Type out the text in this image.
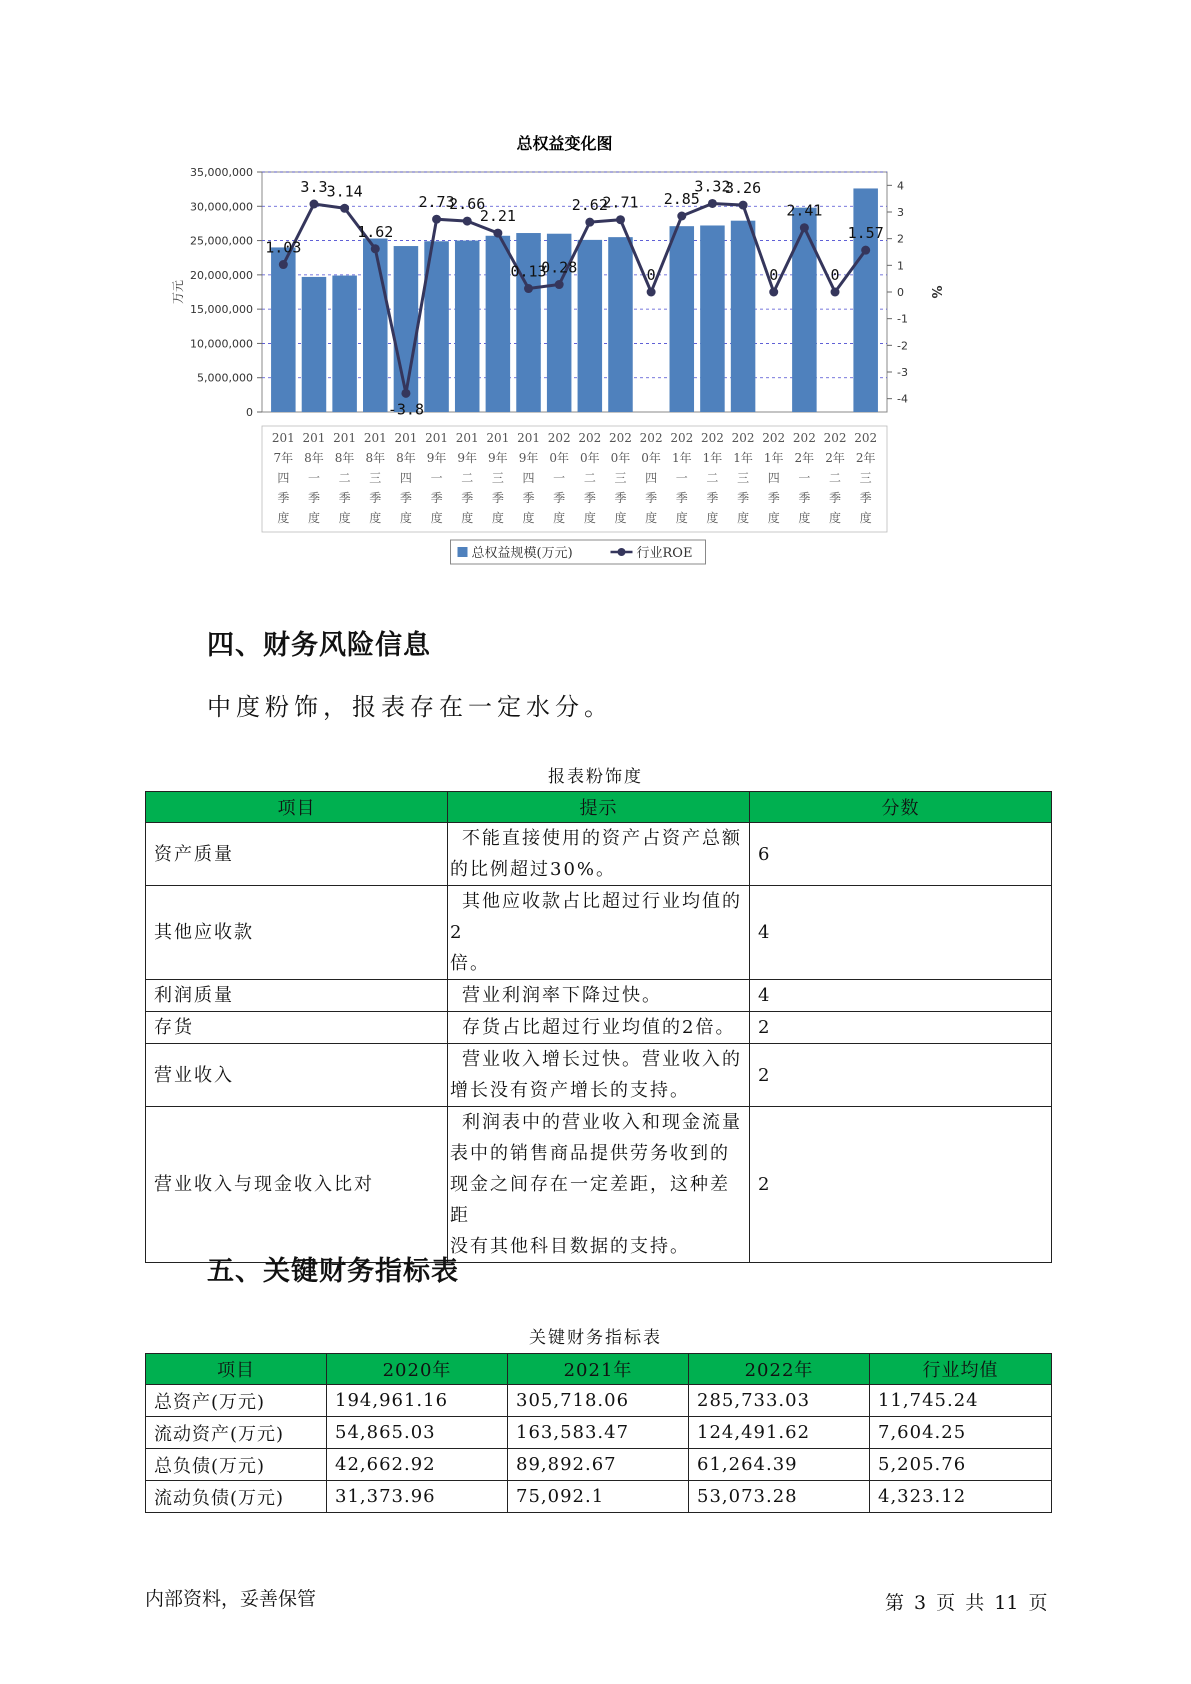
总权益变化图
0
5,000,000
10,000,000
15,000,000
20,000,000
25,000,000
30,000,000
35,000,000
万元
-4
-3
-2
-1
0
1
2
3
4
%
1.03
3.3 3.14
1.62
-3.8
2.73
2.66
2.21
0.13
0.28
2.62
2.71
0
2.85
3.32
3.26
0
2.41
0
1.57
201
7年
四
季
度
201
8年
一
季
度
201
8年
二
季
度
201
8年
三
季
度
201
8年
四
季
度
201
9年
一
季
度
201
9年
二
季
度
201
9年
三
季
度
201
9年
四
季
度
202
0年
一
季
度
202
0年
二
季
度
202
0年
三
季
度
202
0年
四
季
度
202
1年
一
季
度
202
1年
二
季
度
202
1年
三
季
度
202
1年
四
季
度
202
2年
一
季
度
202
2年
二
季
度
202
2年
三
季
度
总权益规模(万元)	行业ROE
四、财务风险信息
中度粉饰，报表存在一定水分。
报表粉饰度
项目	提示	分数
资产质量	不能直接使用的资产占资产总额
的比例超过30%。	6
其他应收款	其他应收款占比超过行业均值的2
倍。	4
利润质量	营业利润率下降过快。	4
存货	存货占比超过行业均值的2倍。	2
营业收入	营业收入增长过快。营业收入的
增长没有资产增长的支持。	2
营业收入与现金收入比对	利润表中的营业收入和现金流量
表中的销售商品提供劳务收到的
现金之间存在一定差距，这种差距
没有其他科目数据的支持。	2
五、关键财务指标表
关键财务指标表
项目	2020年	2021年	2022年	行业均值
总资产(万元)	194,961.16	305,718.06	285,733.03	11,745.24
流动资产(万元)	54,865.03	163,583.47	124,491.62	7,604.25
总负债(万元)	42,662.92	89,892.67	61,264.39	5,205.76
流动负债(万元)	31,373.96	75,092.1	53,073.28	4,323.12
内部资料，妥善保管	第 3 页 共 11 页
